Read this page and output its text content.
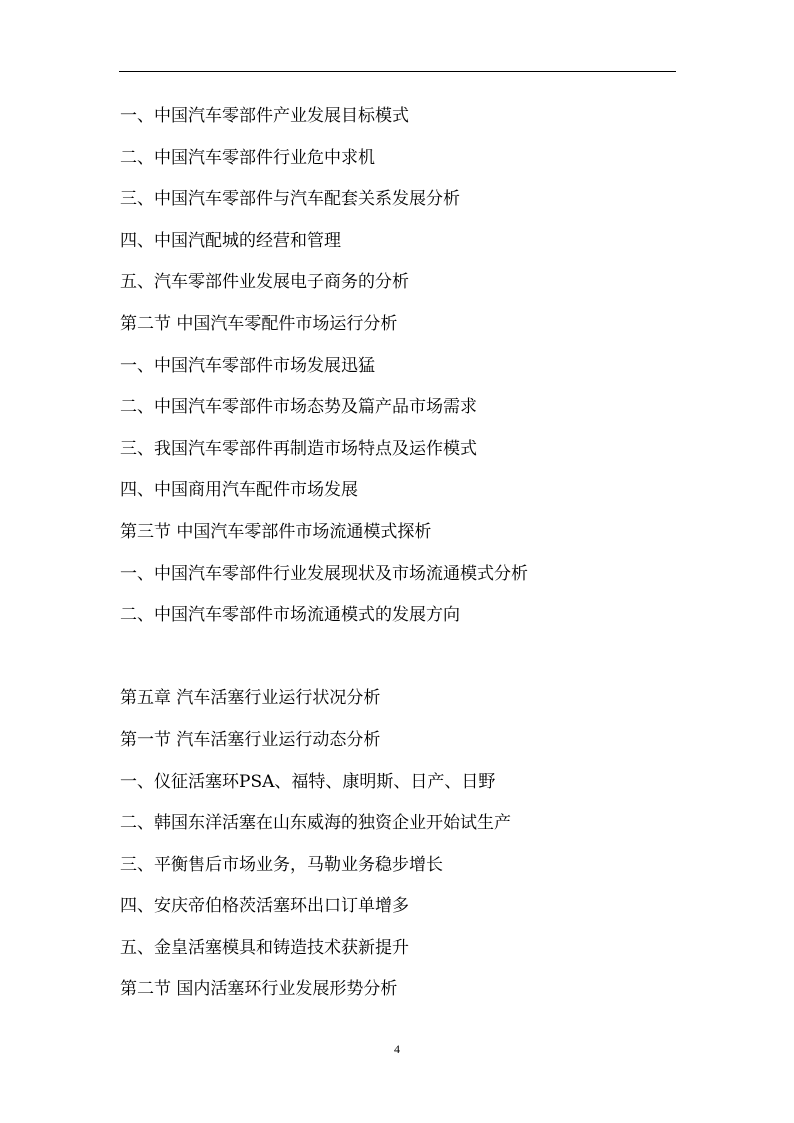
一、中国汽车零部件产业发展目标模式
二、中国汽车零部件行业危中求机
三、中国汽车零部件与汽车配套关系发展分析
四、中国汽配城的经营和管理
五、汽车零部件业发展电子商务的分析
第二节 中国汽车零配件市场运行分析
一、中国汽车零部件市场发展迅猛
二、中国汽车零部件市场态势及篇产品市场需求
三、我国汽车零部件再制造市场特点及运作模式
四、中国商用汽车配件市场发展
第三节 中国汽车零部件市场流通模式探析
一、中国汽车零部件行业发展现状及市场流通模式分析
二、中国汽车零部件市场流通模式的发展方向
第五章 汽车活塞行业运行状况分析
第一节 汽车活塞行业运行动态分析
一、仪征活塞环PSA、福特、康明斯、日产、日野
二、韩国东洋活塞在山东威海的独资企业开始试生产
三、平衡售后市场业务，马勒业务稳步增长
四、安庆帝伯格茨活塞环出口订单增多
五、金皇活塞模具和铸造技术获新提升
第二节 国内活塞环行业发展形势分析
4
